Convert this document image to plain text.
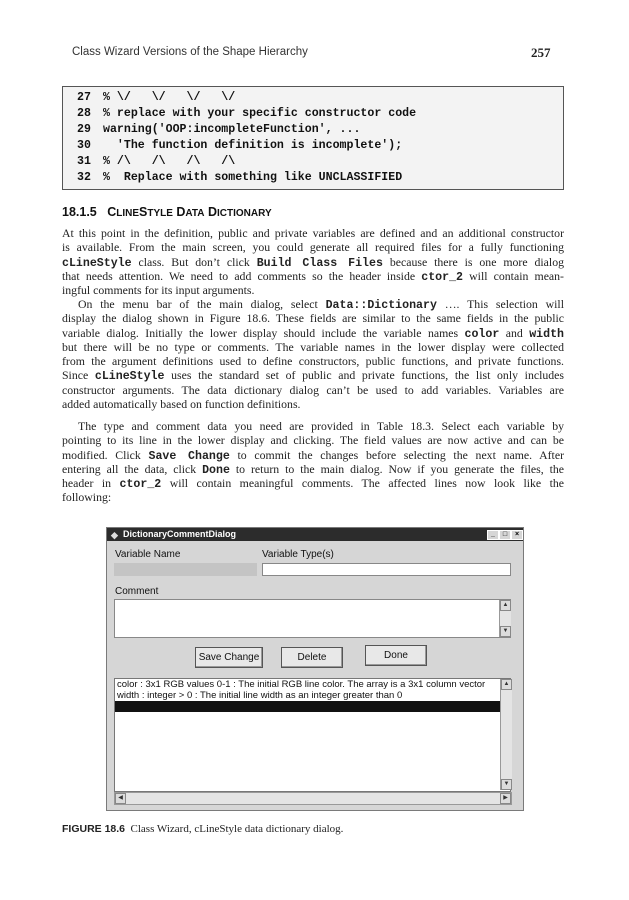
Class Wizard Versions of the Shape Hierarchy	257
27 % \/   \/   \/   \/
28 % replace with your specific constructor code
29 warning('OOP:incompleteFunction', ...
30  'The function definition is incomplete');
31 % /\   /\   /\   /\
32 %  Replace with something like UNCLASSIFIED
18.1.5 CLINESTYLE DATA DICTIONARY
At this point in the definition, public and private variables are defined and an additional constructor
is available. From the main screen, you could generate all required files for a fully functioning
cLineStyle class. But don’t click Build Class Files because there is one more dialog
that needs attention. We need to add comments so the header inside ctor_2 will contain mean-
ingful comments for its input arguments.
On the menu bar of the main dialog, select Data::Dictionary …. This selection will
display the dialog shown in Figure 18.6. These fields are similar to the same fields in the public
variable dialog. Initially the lower display should include the variable names color and width
but there will be no type or comments. The variable names in the lower display were collected
from the argument definitions used to define constructors, public functions, and private functions.
Since cLineStyle uses the standard set of public and private functions, the list only includes
constructor arguments. The data dictionary dialog can’t be used to add variables. Variables are
added automatically based on function definitions.
The type and comment data you need are provided in Table 18.3. Select each variable by
pointing to its line in the lower display and clicking. The field values are now active and can be
modified. Click Save Change to commit the changes before selecting the next name. After
entering all the data, click Done to return to the main dialog. Now if you generate the files, the
header in ctor_2 will contain meaningful comments. The affected lines now look like the
following:
◆ DictionaryCommentDialog	_	□	×
Variable Name	Variable Type(s)
Comment
▲
▼
Save Change	Delete	Done
color : 3x1 RGB values 0-1 : The initial RGB line color. The array is a 3x1 column vector
width : integer > 0 : The initial line width as an integer greater than 0
▲
▼
◀	▶
FIGURE 18.6 Class Wizard, cLineStyle data dictionary dialog.
